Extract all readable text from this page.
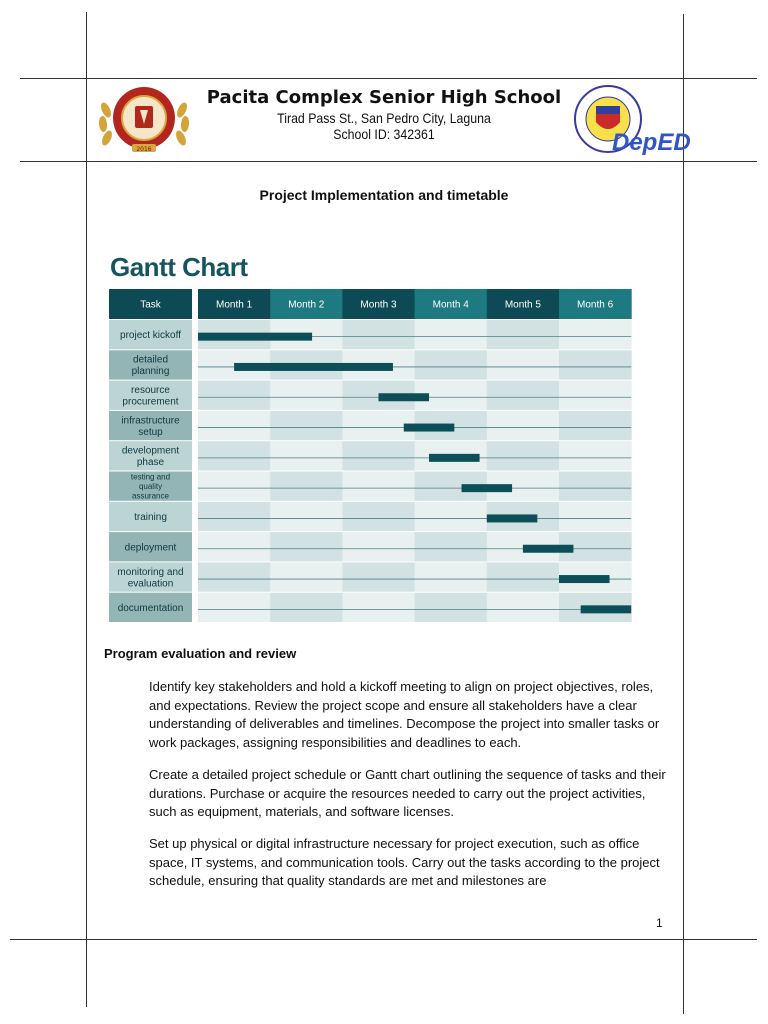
2016	DepED
Pacita Complex Senior High School
Tirad Pass St., San Pedro City, Laguna
School ID: 342361
Project Implementation and timetable
Gantt Chart
Task	Month 1	Month 2	Month 3	Month 4	Month 5	Month 6
project kickoff
detailed planning
resource procurement
infrastructure setup
development phase
testing and quality assurance
training
deployment
monitoring and evaluation
documentation
Program evaluation and review
Identify key stakeholders and hold a kickoff meeting to align on project objectives, roles, and expectations. Review the project scope and ensure all stakeholders have a clear understanding of deliverables and timelines. Decompose the project into smaller tasks or work packages, assigning responsibilities and deadlines to each.
Create a detailed project schedule or Gantt chart outlining the sequence of tasks and their durations. Purchase or acquire the resources needed to carry out the project activities, such as equipment, materials, and software licenses.
Set up physical or digital infrastructure necessary for project execution, such as office space, IT systems, and communication tools. Carry out the tasks according to the project schedule, ensuring that quality standards are met and milestones are
1
